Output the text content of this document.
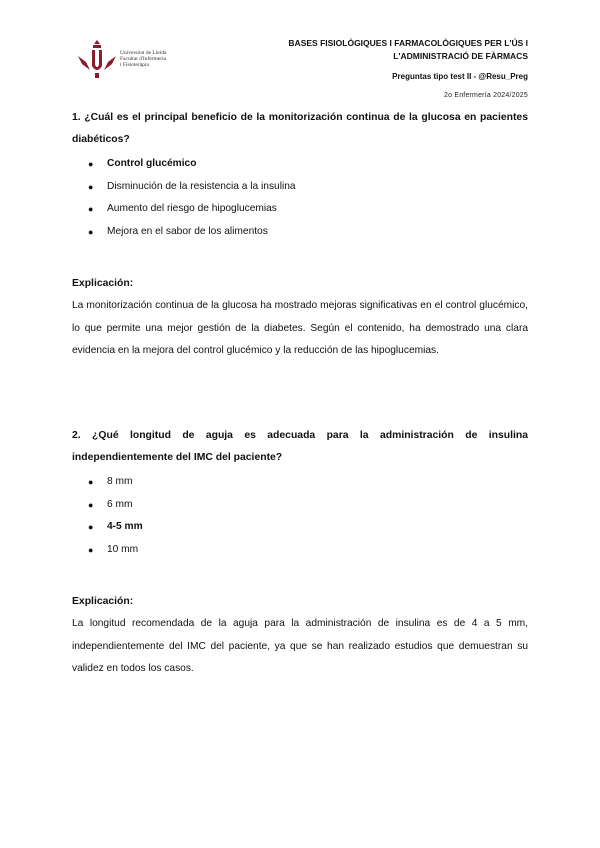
Universitat de Lleida
Facultat d'Infermeria
i Fisioteràpia
BASES FISIOLÒGIQUES I FARMACOLÒGIQUES PER L'ÚS I
L'ADMINISTRACIÓ DE FÀRMACS
Preguntas tipo test II - @Resu_Preg
2o Enfermería 2024/2025
1. ¿Cuál es el principal beneficio de la monitorización continua de la glucosa en pacientes diabéticos?
● Control glucémico
● Disminución de la resistencia a la insulina
● Aumento del riesgo de hipoglucemias
● Mejora en el sabor de los alimentos
Explicación:
La monitorización continua de la glucosa ha mostrado mejoras significativas en el control glucémico, lo que permite una mejor gestión de la diabetes. Según el contenido, ha demostrado una clara evidencia en la mejora del control glucémico y la reducción de las hipoglucemias.
2. ¿Qué longitud de aguja es adecuada para la administración de insulina independientemente del IMC del paciente?
● 8 mm
● 6 mm
● 4-5 mm
● 10 mm
Explicación:
La longitud recomendada de la aguja para la administración de insulina es de 4 a 5 mm, independientemente del IMC del paciente, ya que se han realizado estudios que demuestran su validez en todos los casos.
